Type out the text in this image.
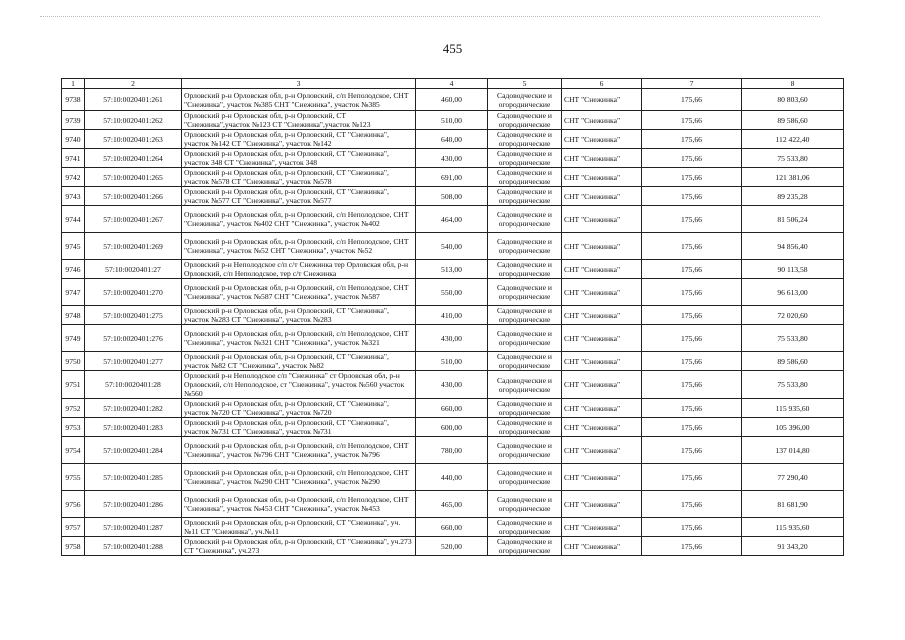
455
1	2	3	4	5	6	7	8
9738	57:10:0020401:261	Орловский р-н Орловская обл, р-н Орловский, с/п Неполодское, СНТ "Снежинка", участок №385 СНТ "Снежинка", участок №385	460,00	Садоводческие и огороднические	СНТ "Снежинка"	175,66	80 803,60
9739	57:10:0020401:262	Орловский р-н Орловская обл, р-н Орловский, СТ "Снежинка",участок №123 СТ "Снежинка",участок №123	510,00	Садоводческие и огороднические	СНТ "Снежинка"	175,66	89 586,60
9740	57:10:0020401:263	Орловский р-н Орловская обл, р-н Орловский, СТ "Снежинка", участок №142 СТ "Снежинка", участок №142	640,00	Садоводческие и огороднические	СНТ "Снежинка"	175,66	112 422,40
9741	57:10:0020401:264	Орловский р-н Орловская обл, р-н Орловский, СТ "Снежинка", участок 348 СТ "Снежинка", участок 348	430,00	Садоводческие и огороднические	СНТ "Снежинка"	175,66	75 533,80
9742	57:10:0020401:265	Орловский р-н Орловская обл, р-н Орловский, СТ "Снежинка", участок №578 СТ "Снежинка", участок №578	691,00	Садоводческие и огороднические	СНТ "Снежинка"	175,66	121 381,06
9743	57:10:0020401:266	Орловский р-н Орловская обл, р-н Орловский, СТ "Снежинка", участок №577 СТ "Снежинка", участок №577	508,00	Садоводческие и огороднические	СНТ "Снежинка"	175,66	89 235,28
9744	57:10:0020401:267	Орловский р-н Орловская обл, р-н Орловский, с/п Неполодское, СНТ "Снежинка", участок №402 СНТ "Снежинка", участок №402	464,00	Садоводческие и огороднические	СНТ "Снежинка"	175,66	81 506,24
9745	57:10:0020401:269	Орловский р-н Орловская обл, р-н Орловский, с/п Неполодское, СНТ "Снежинка", участок №52 СНТ "Снежинка", участок №52	540,00	Садоводческие и огороднические	СНТ "Снежинка"	175,66	94 856,40
9746	57:10:0020401:27	Орловский р-н Неполодское с/п с/т Снежинка тер Орловская обл, р-н Орловский, с/п Неполодское, тер с/т Снежинка	513,00	Садоводческие и огороднические	СНТ "Снежинка"	175,66	90 113,58
9747	57:10:0020401:270	Орловский р-н Орловская обл, р-н Орловский, с/п Неполодское, СНТ "Снежинка", участок №587 СНТ "Снежинка", участок №587	550,00	Садоводческие и огороднические	СНТ "Снежинка"	175,66	96 613,00
9748	57:10:0020401:275	Орловский р-н Орловская обл, р-н Орловский, СТ "Снежинка", участок №283 СТ "Снежинка", участок №283	410,00	Садоводческие и огороднические	СНТ "Снежинка"	175,66	72 020,60
9749	57:10:0020401:276	Орловский р-н Орловская обл, р-н Орловский, с/п Неполодское, СНТ "Снежинка", участок №321 СНТ "Снежинка", участок №321	430,00	Садоводческие и огороднические	СНТ "Снежинка"	175,66	75 533,80
9750	57:10:0020401:277	Орловский р-н Орловская обл, р-н Орловский, СТ "Снежинка", участок №82 СТ "Снежинка", участок №82	510,00	Садоводческие и огороднические	СНТ "Снежинка"	175,66	89 586,60
9751	57:10:0020401:28	Орловский р-н Неполодское с/п "Снежинка" ст Орловская обл, р-н Орловский, с/п Неполодское, ст "Снежинка", участок №560 участок №560	430,00	Садоводческие и огороднические	СНТ "Снежинка"	175,66	75 533,80
9752	57:10:0020401:282	Орловский р-н Орловская обл, р-н Орловский, СТ "Снежинка", участок №720 СТ "Снежинка", участок №720	660,00	Садоводческие и огороднические	СНТ "Снежинка"	175,66	115 935,60
9753	57:10:0020401:283	Орловский р-н Орловская обл, р-н Орловский, СТ "Снежинка", участок №731 СТ "Снежинка", участок №731	600,00	Садоводческие и огороднические	СНТ "Снежинка"	175,66	105 396,00
9754	57:10:0020401:284	Орловский р-н Орловская обл, р-н Орловский, с/п Неполодское, СНТ "Снежинка", участок №796 СНТ "Снежинка", участок №796	780,00	Садоводческие и огороднические	СНТ "Снежинка"	175,66	137 014,80
9755	57:10:0020401:285	Орловский р-н Орловская обл, р-н Орловский, с/п Неполодское, СНТ "Снежинка", участок №290 СНТ "Снежинка", участок №290	440,00	Садоводческие и огороднические	СНТ "Снежинка"	175,66	77 290,40
9756	57:10:0020401:286	Орловский р-н Орловская обл, р-н Орловский, с/п Неполодское, СНТ "Снежинка", участок №453 СНТ "Снежинка", участок №453	465,00	Садоводческие и огороднические	СНТ "Снежинка"	175,66	81 681,90
9757	57:10:0020401:287	Орловский р-н Орловская обл, р-н Орловский, СТ "Снежинка", уч.№11 СТ "Снежинка", уч.№11	660,00	Садоводческие и огороднические	СНТ "Снежинка"	175,66	115 935,60
9758	57:10:0020401:288	Орловский р-н Орловская обл, р-н Орловский, СТ "Снежинка", уч.273 СТ "Снежинка", уч.273	520,00	Садоводческие и огороднические	СНТ "Снежинка"	175,66	91 343,20
